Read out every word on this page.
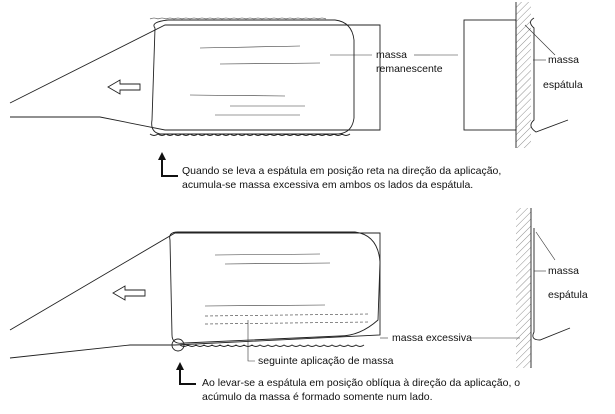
massa
remanescente
massa
espátula
Quando se leva a espátula em posição reta na direção da aplicação,
acumula-se massa excessiva em ambos os lados da espátula.
massa excessiva
seguinte aplicação de massa
massa
espátula
Ao levar-se a espátula em posição oblíqua à direção da aplicação, o
acúmulo da massa é formado somente num lado.
